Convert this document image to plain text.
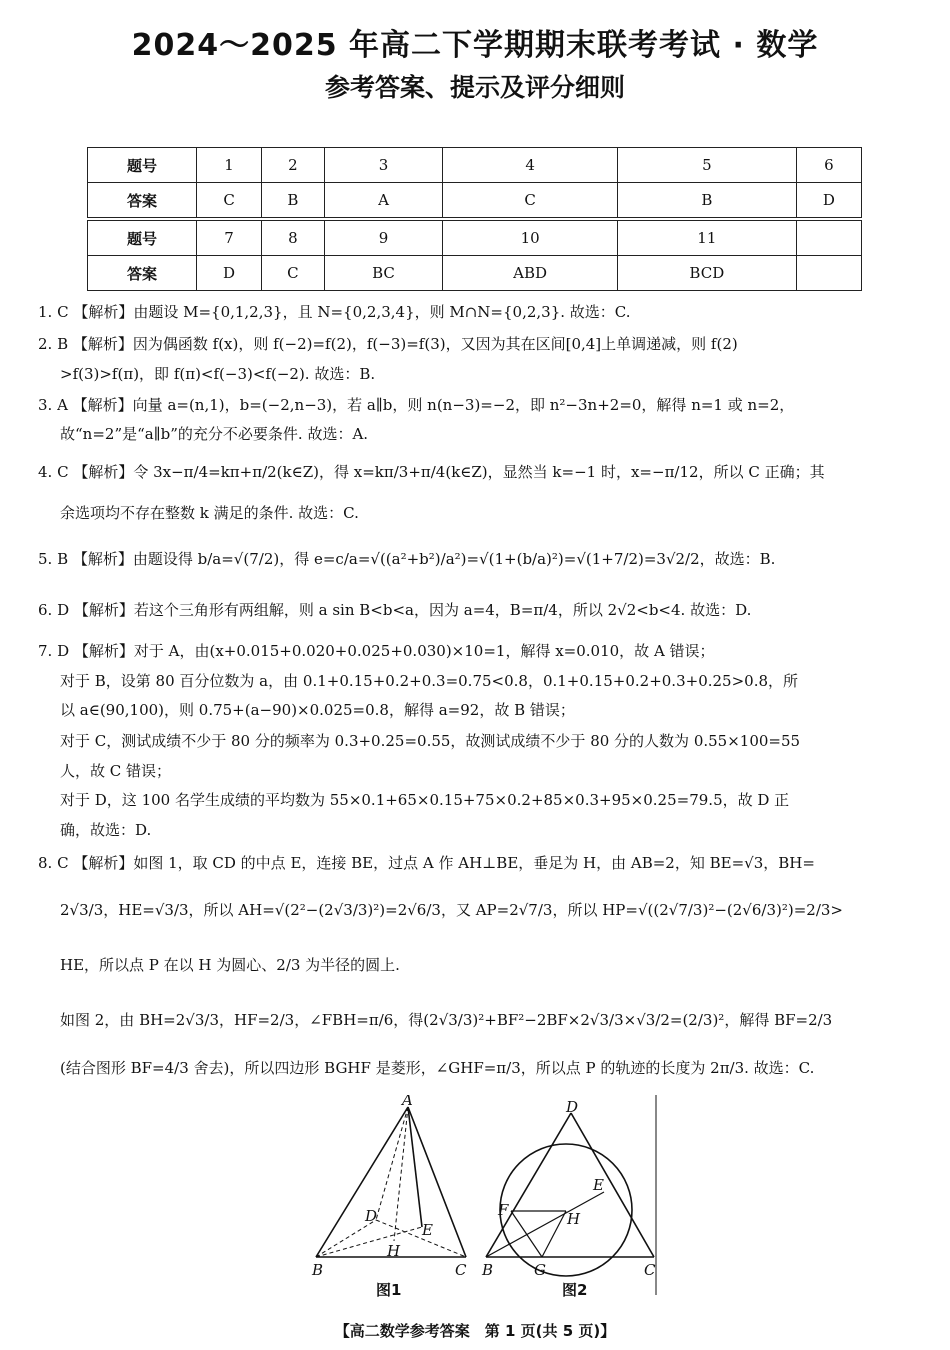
2024～2025 年高二下学期期末联考考试 · 数学
参考答案、提示及评分细则
题号	1	2	3	4	5	6
答案	C	B	A	C	B	D
题号	7	8	9	10	11	
答案	D	C	BC	ABD	BCD	
1. C 【解析】由题设 M={0,1,2,3}，且 N={0,2,3,4}，则 M∩N={0,2,3}. 故选：C.
2. B 【解析】因为偶函数 f(x)，则 f(−2)=f(2)，f(−3)=f(3)，又因为其在区间[0,4]上单调递减，则 f(2)
>f(3)>f(π)，即 f(π)<f(−3)<f(−2). 故选：B.
3. A 【解析】向量 a=(n,1)，b=(−2,n−3)，若 a∥b，则 n(n−3)=−2，即 n²−3n+2=0，解得 n=1 或 n=2，
故“n=2”是“a∥b”的充分不必要条件. 故选：A.
4. C 【解析】令 3x−π/4=kπ+π/2(k∈Z)，得 x=kπ/3+π/4(k∈Z)，显然当 k=−1 时，x=−π/12，所以 C 正确；其
余选项均不存在整数 k 满足的条件. 故选：C.
5. B 【解析】由题设得 b/a=√(7/2)，得 e=c/a=√((a²+b²)/a²)=√(1+(b/a)²)=√(1+7/2)=3√2/2，故选：B.
6. D 【解析】若这个三角形有两组解，则 a sin B<b<a，因为 a=4，B=π/4，所以 2√2<b<4. 故选：D.
7. D 【解析】对于 A，由(x+0.015+0.020+0.025+0.030)×10=1，解得 x=0.010，故 A 错误；
对于 B，设第 80 百分位数为 a，由 0.1+0.15+0.2+0.3=0.75<0.8，0.1+0.15+0.2+0.3+0.25>0.8，所
以 a∈(90,100)，则 0.75+(a−90)×0.025=0.8，解得 a=92，故 B 错误；
对于 C，测试成绩不少于 80 分的频率为 0.3+0.25=0.55，故测试成绩不少于 80 分的人数为 0.55×100=55
人，故 C 错误；
对于 D，这 100 名学生成绩的平均数为 55×0.1+65×0.15+75×0.2+85×0.3+95×0.25=79.5，故 D 正
确，故选：D.
8. C 【解析】如图 1，取 CD 的中点 E，连接 BE，过点 A 作 AH⊥BE，垂足为 H，由 AB=2，知 BE=√3，BH=
2√3/3，HE=√3/3，所以 AH=√(2²−(2√3/3)²)=2√6/3，又 AP=2√7/3，所以 HP=√((2√7/3)²−(2√6/3)²)=2/3>
HE，所以点 P 在以 H 为圆心、2/3 为半径的圆上.
如图 2，由 BH=2√3/3，HF=2/3，∠FBH=π/6，得(2√3/3)²+BF²−2BF×2√3/3×√3/2=(2/3)²，解得 BF=2/3
(结合图形 BF=4/3 舍去)，所以四边形 BGHF 是菱形，∠GHF=π/3，所以点 P 的轨迹的长度为 2π/3. 故选：C.
A
B	C
D
E
H
图1
D
E
F	H
B	G	C
图2
【高二数学参考答案　第 1 页(共 5 页)】
